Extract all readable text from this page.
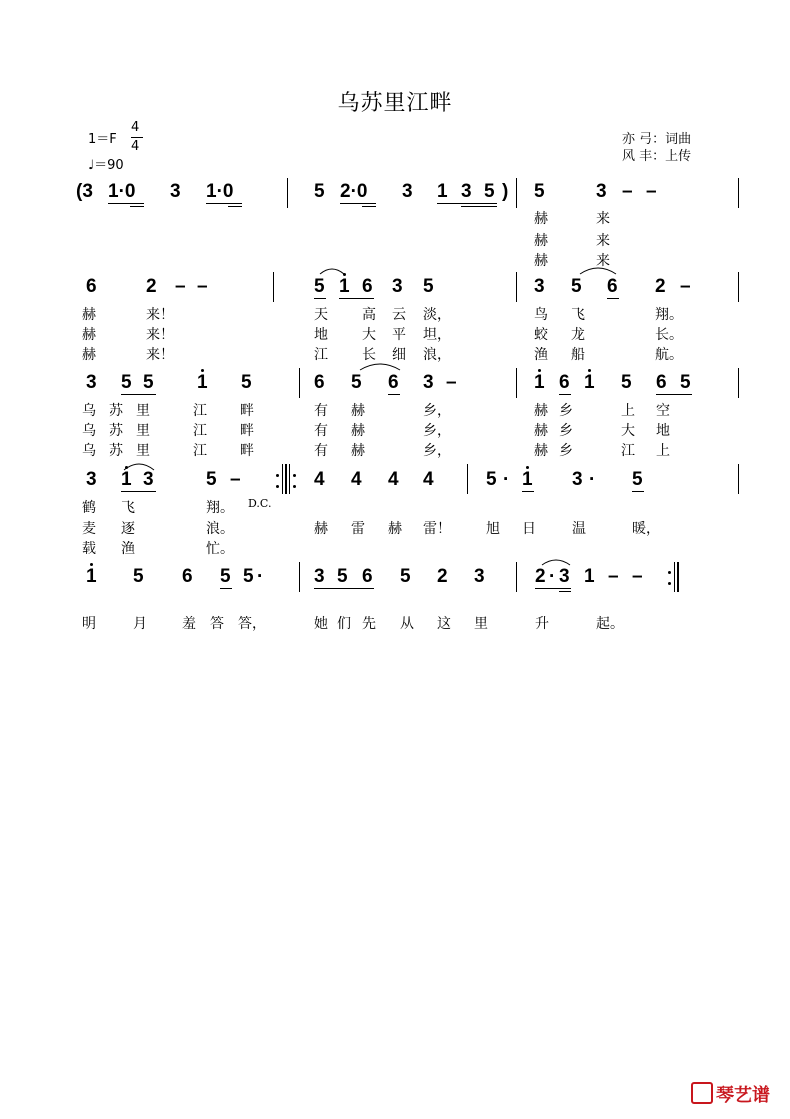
乌苏里江畔
1＝F
4
4
♩＝90
亦 弓：词曲
风 丰：上传
(3 1·0 3 1·0	5 2·0 3 1 3 5 ) 5	3 – –
赫	来
赫	来
赫	来
6	2 – –	5 1 6 3 5	3 5 6 2 –
赫	来！	天 高 云 淡，	鸟 飞	翔。
赫	来！	地 大 平 坦，	蛟 龙	长。
赫	来！	江 长 细 浪，	渔 船	航。
3 5 5 1 5	6 5 6 3 –	1 6 1 5 6 5
乌 苏 里	江 畔	有 赫	乡，	赫 乡	上 空
乌 苏 里	江 畔	有 赫	乡，	赫 乡	大 地
乌 苏 里	江 畔	有 赫	乡，	赫 乡	江 上
3 1 3	5 –	4 4 4 4	5 · 1 3 · 5
鹤 飞	翔。 D.C.
麦 逐	浪。	赫 雷 赫 雷！	旭 日	温	暖，
载 渔	忙。
1 5 6 5 5 ·	3 5 6 5 2 3	2 · 3 1 – –
明	月	羞 答 答，	她 们 先 从 这 里	升	起。
琴艺谱
